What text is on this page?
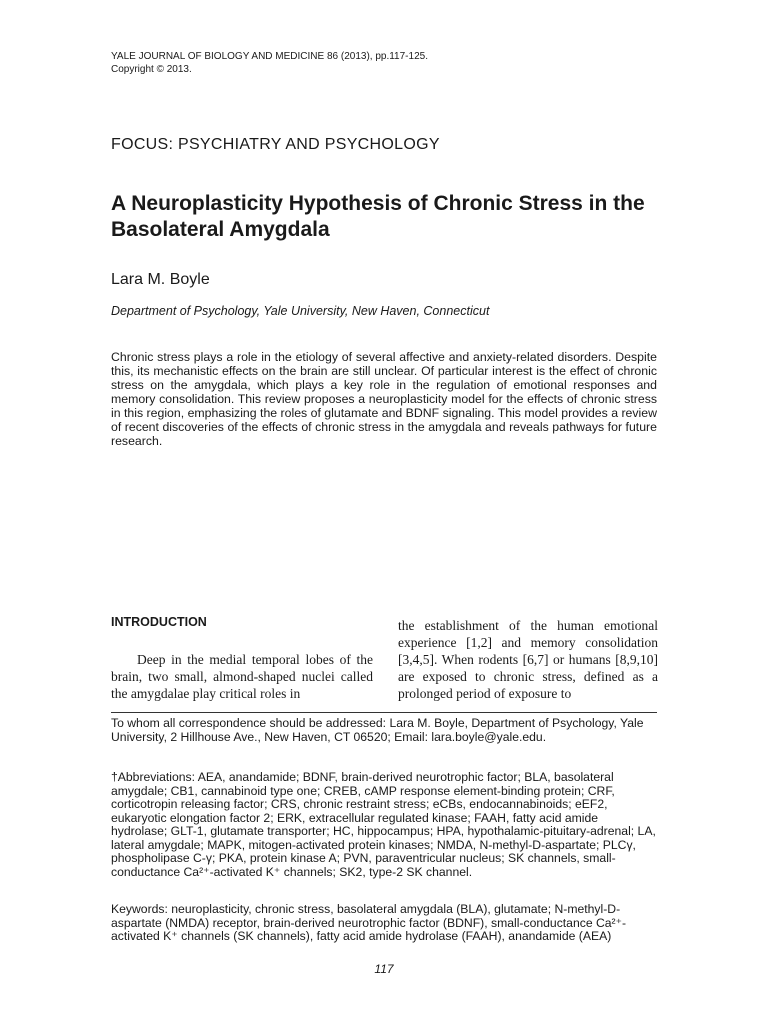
YALE JOURNAL OF BIOLOGY AND MEDICINE 86 (2013), pp.117-125.
Copyright © 2013.
FOCUS: PSYCHIATRY AND PSYCHOLOGY
A Neuroplasticity Hypothesis of Chronic Stress in the Basolateral Amygdala
Lara M. Boyle
Department of Psychology, Yale University, New Haven, Connecticut

Chronic stress plays a role in the etiology of several affective and anxiety-related disorders. Despite this, its mechanistic effects on the brain are still unclear. Of particular interest is the effect of chronic stress on the amygdala, which plays a key role in the regulation of emotional responses and memory consolidation. This review proposes a neuroplasticity model for the effects of chronic stress in this region, emphasizing the roles of glutamate and BDNF signaling. This model provides a review of recent discoveries of the effects of chronic stress in the amygdala and reveals pathways for future research.

INTRODUCTION

Deep in the medial temporal lobes of the brain, two small, almond-shaped nuclei called the amygdalae play critical roles in

the establishment of the human emotional experience [1,2] and memory consolidation [3,4,5]. When rodents [6,7] or humans [8,9,10] are exposed to chronic stress, defined as a prolonged period of exposure to

To whom all correspondence should be addressed: Lara M. Boyle, Department of Psychology, Yale University, 2 Hillhouse Ave., New Haven, CT 06520; Email: lara.boyle@yale.edu.

†Abbreviations: AEA, anandamide; BDNF, brain-derived neurotrophic factor; BLA, basolateral amygdale; CB1, cannabinoid type one; CREB, cAMP response element-binding protein; CRF, corticotropin releasing factor; CRS, chronic restraint stress; eCBs, endocannabinoids; eEF2, eukaryotic elongation factor 2; ERK, extracellular regulated kinase; FAAH, fatty acid amide hydrolase; GLT-1, glutamate transporter; HC, hippocampus; HPA, hypothalamic-pituitary-adrenal; LA, lateral amygdale; MAPK, mitogen-activated protein kinases; NMDA, N-methyl-D-aspartate; PLCγ, phospholipase C-γ; PKA, protein kinase A; PVN, paraventricular nucleus; SK channels, small-conductance Ca²⁺-activated K⁺ channels; SK2, type-2 SK channel.

Keywords: neuroplasticity, chronic stress, basolateral amygdala (BLA), glutamate; N-methyl-D-aspartate (NMDA) receptor, brain-derived neurotrophic factor (BDNF), small-conductance Ca²⁺-activated K⁺ channels (SK channels), fatty acid amide hydrolase (FAAH), anandamide (AEA)

117
